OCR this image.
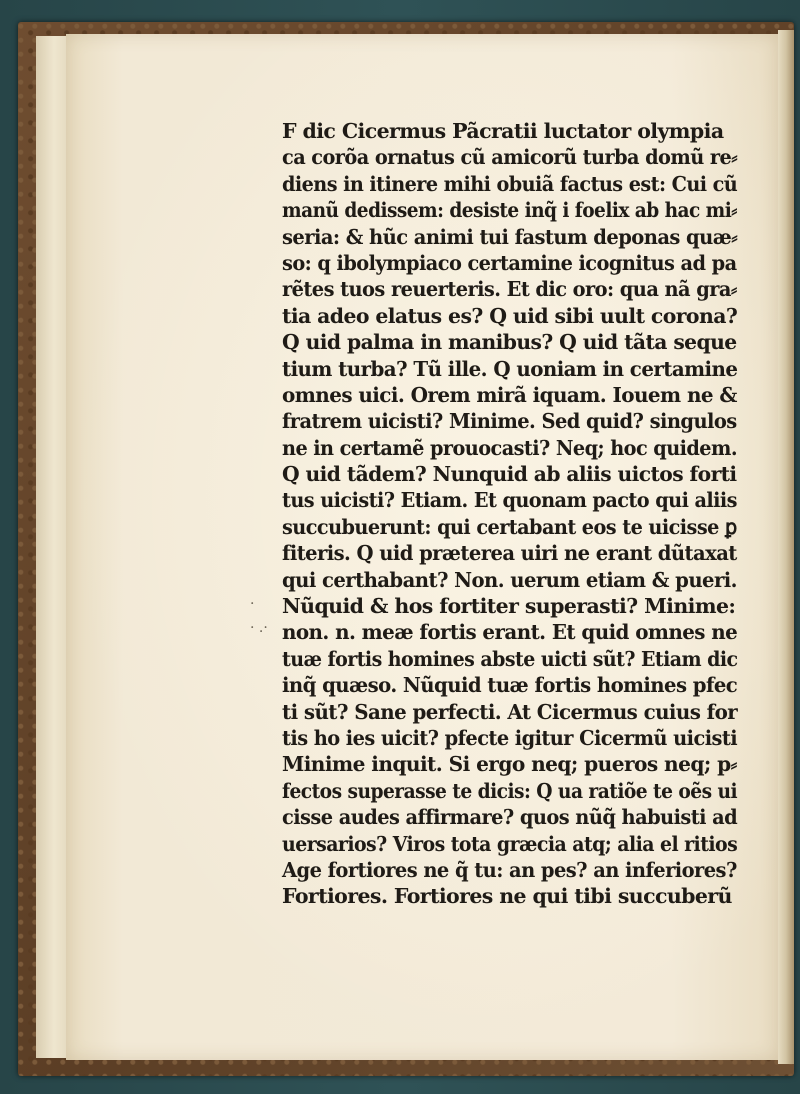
·
· .·
F dic Cicermus Pãcratii luctator olympia
ca corõa ornatus cũ amicorũ turba domũ re⸗
diens in itinere mihi obuiã factus est: Cui cũ
manũ dedissem: desiste inq̃ i foelix ab hac mi⸗
seria: & hũc animi tui fastum deponas quæ⸗
so: q ibolympiaco certamine icognitus ad pa
rẽtes tuos reuerteris. Et dic oro: qua nã gra⸗
tia adeo elatus es? Q uid sibi uult corona?
Q uid palma in manibus? Q uid tãta seque
tium turba? Tũ ille. Q uoniam in certamine
omnes uici. Orem mirã iquam. Iouem ne &
fratrem uicisti? Minime. Sed quid? singulos
ne in certamẽ prouocasti? Neq; hoc quidem.
Q uid tãdem? Nunquid ab aliis uictos forti
tus uicisti? Etiam. Et quonam pacto qui aliis
succubuerunt: qui certabant eos te uicisse ꝑ
fiteris. Q uid præterea uiri ne erant dũtaxat
qui certhabant? Non. uerum etiam & pueri.
Nũquid & hos fortiter superasti? Minime:
non. n. meæ fortis erant. Et quid omnes ne
tuæ fortis homines abste uicti sũt? Etiam dic
inq̃ quæso. Nũquid tuæ fortis homines pfec
ti sũt? Sane perfecti. At Cicermus cuius for
tis ho ies uicit? pfecte igitur Cicermũ uicisti
Minime inquit. Si ergo neq; pueros neq; p⸗
fectos superasse te dicis: Q ua ratiõe te oẽs ui
cisse audes affirmare? quos nũq̃ habuisti ad
uersarios? Viros tota græcia atq; alia el ritios
Age fortiores ne q̃ tu: an pes? an inferiores?
Fortiores. Fortiores ne qui tibi succuberũ
